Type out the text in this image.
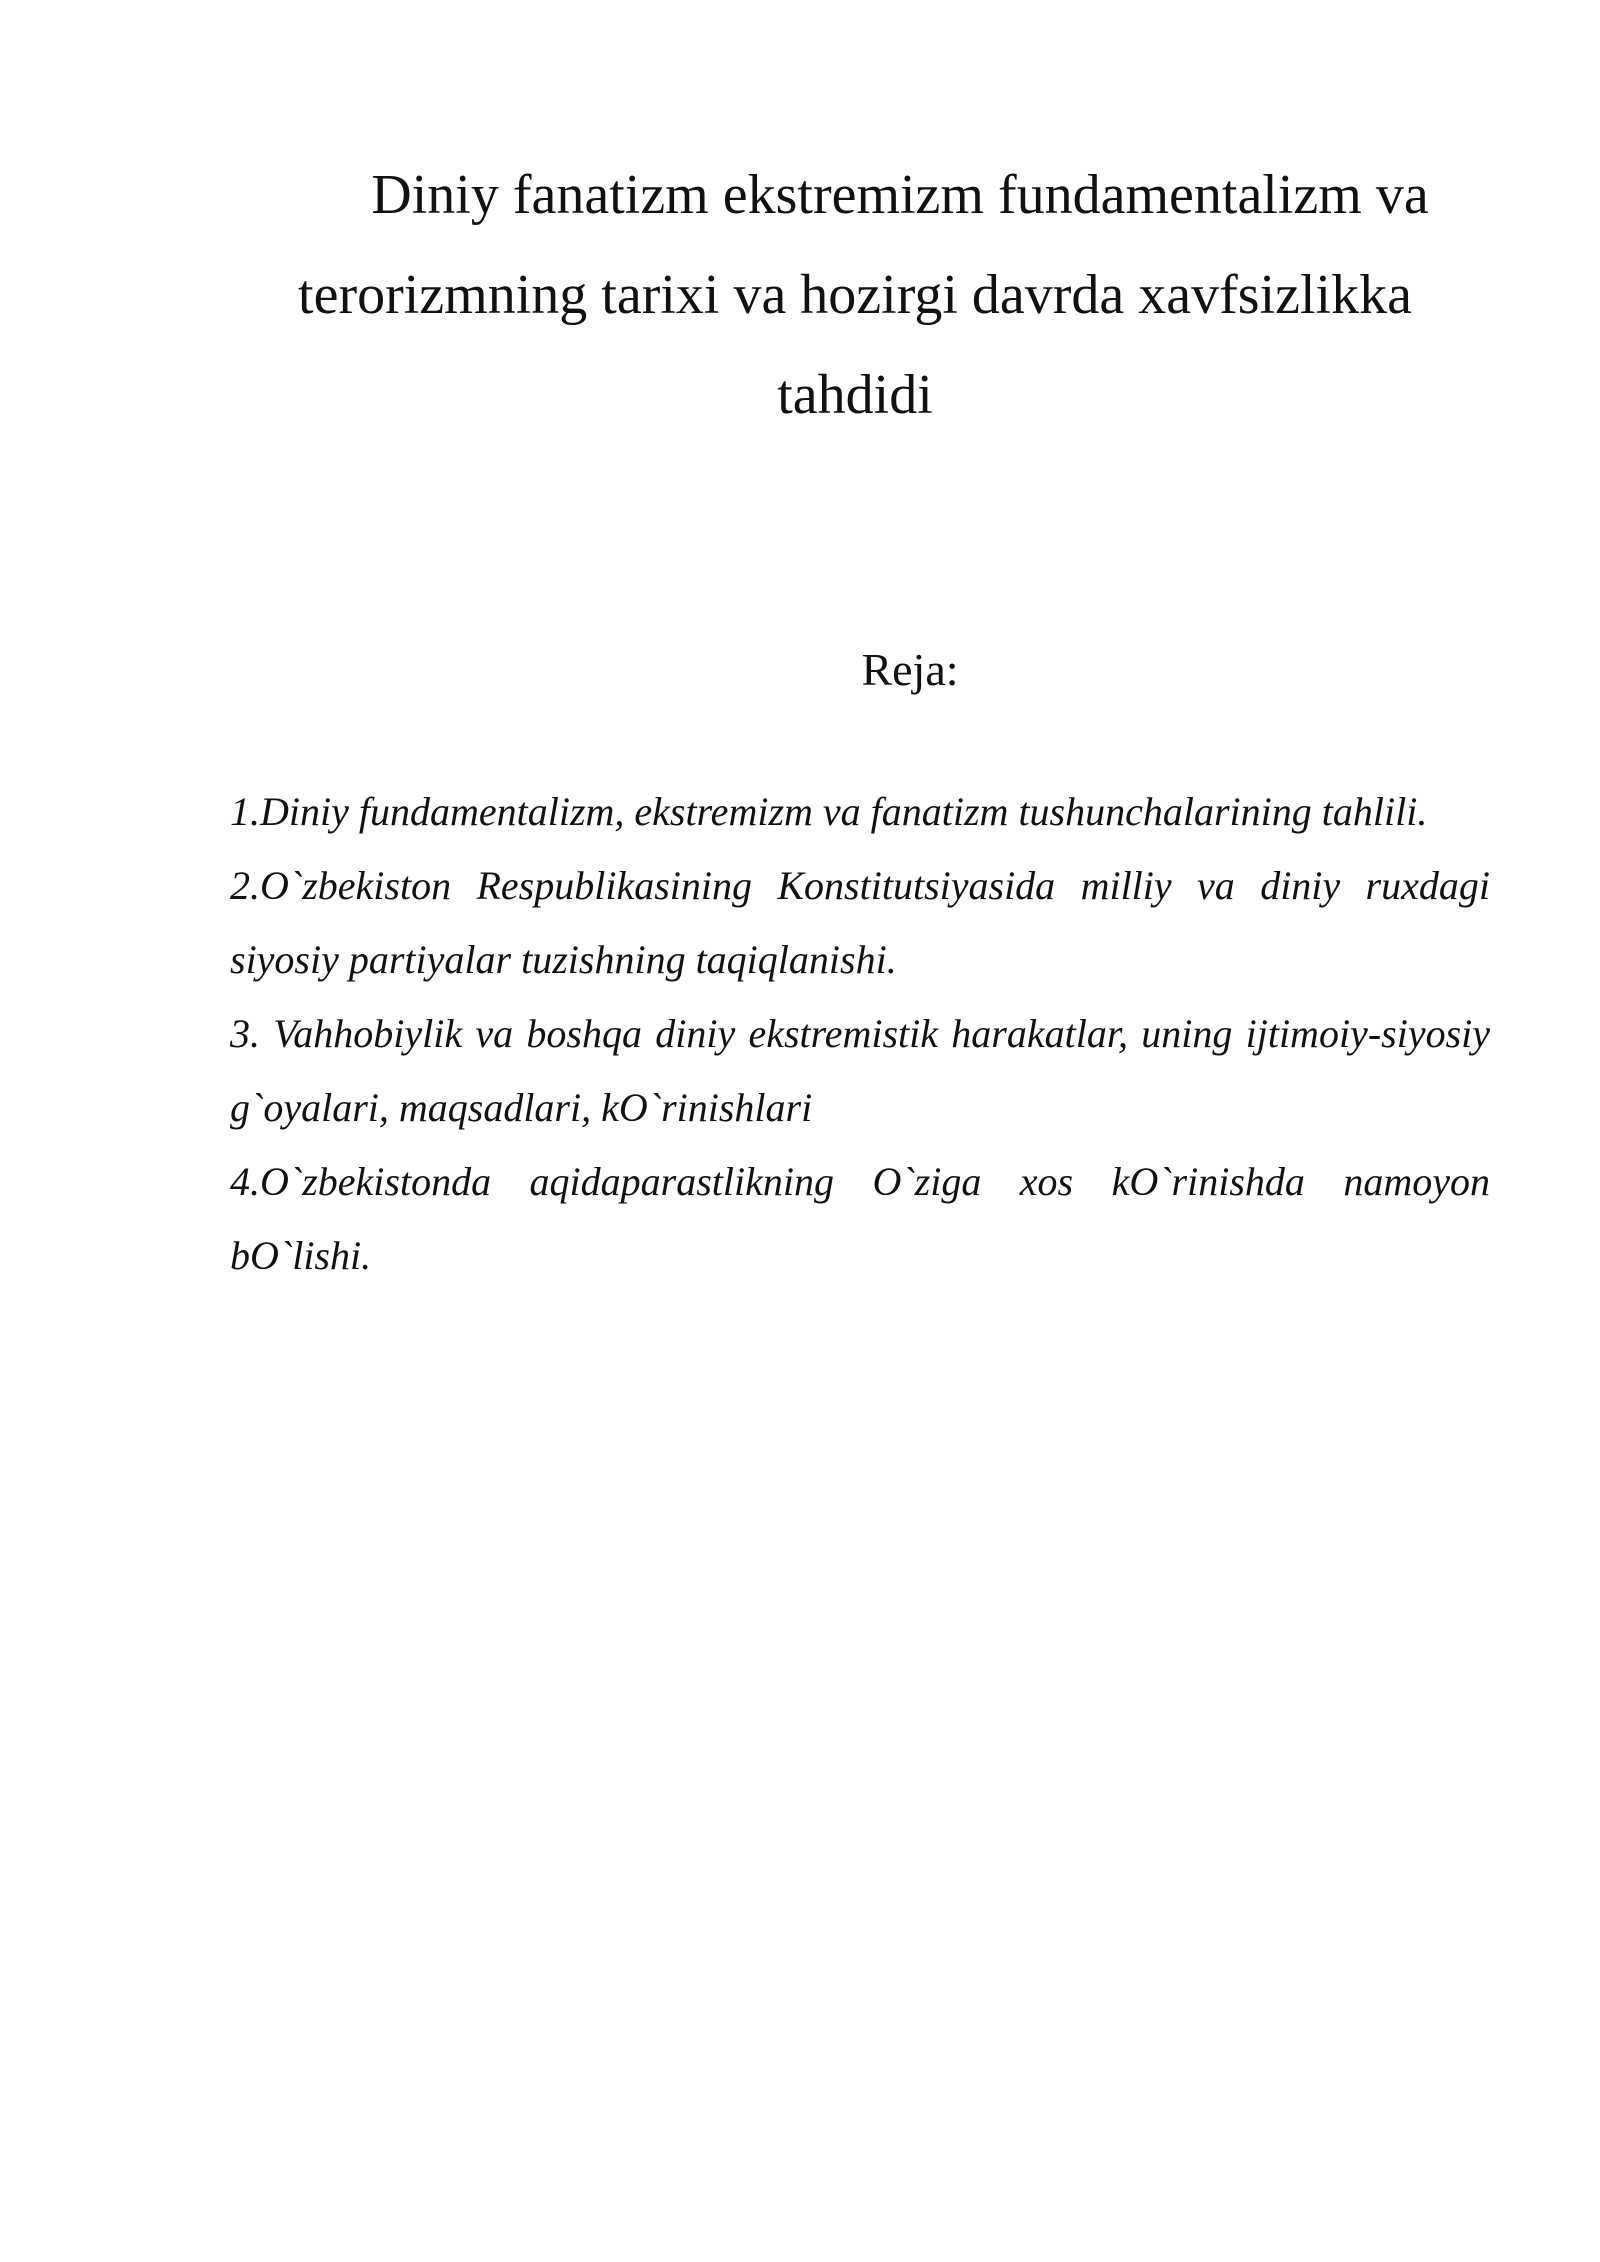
Diniy fanatizm ekstremizm fundamentalizm va terorizmning tarixi va hozirgi davrda xavfsizlikka tahdidi
Reja:
1.Diniy fundamentalizm, ekstremizm va fanatizm tushunchalarining tahlili.
2.O`zbekiston Respublikasining Konstitutsiyasida milliy va diniy ruxdagi siyosiy partiyalar tuzishning taqiqlanishi.
3. Vahhobiylik va boshqa diniy ekstremistik harakatlar, uning ijtimoiy-siyosiy g`oyalari, maqsadlari, kO`rinishlari
4.O`zbekistonda aqidaparastlikning O`ziga xos kO`rinishda namoyon bO`lishi.
